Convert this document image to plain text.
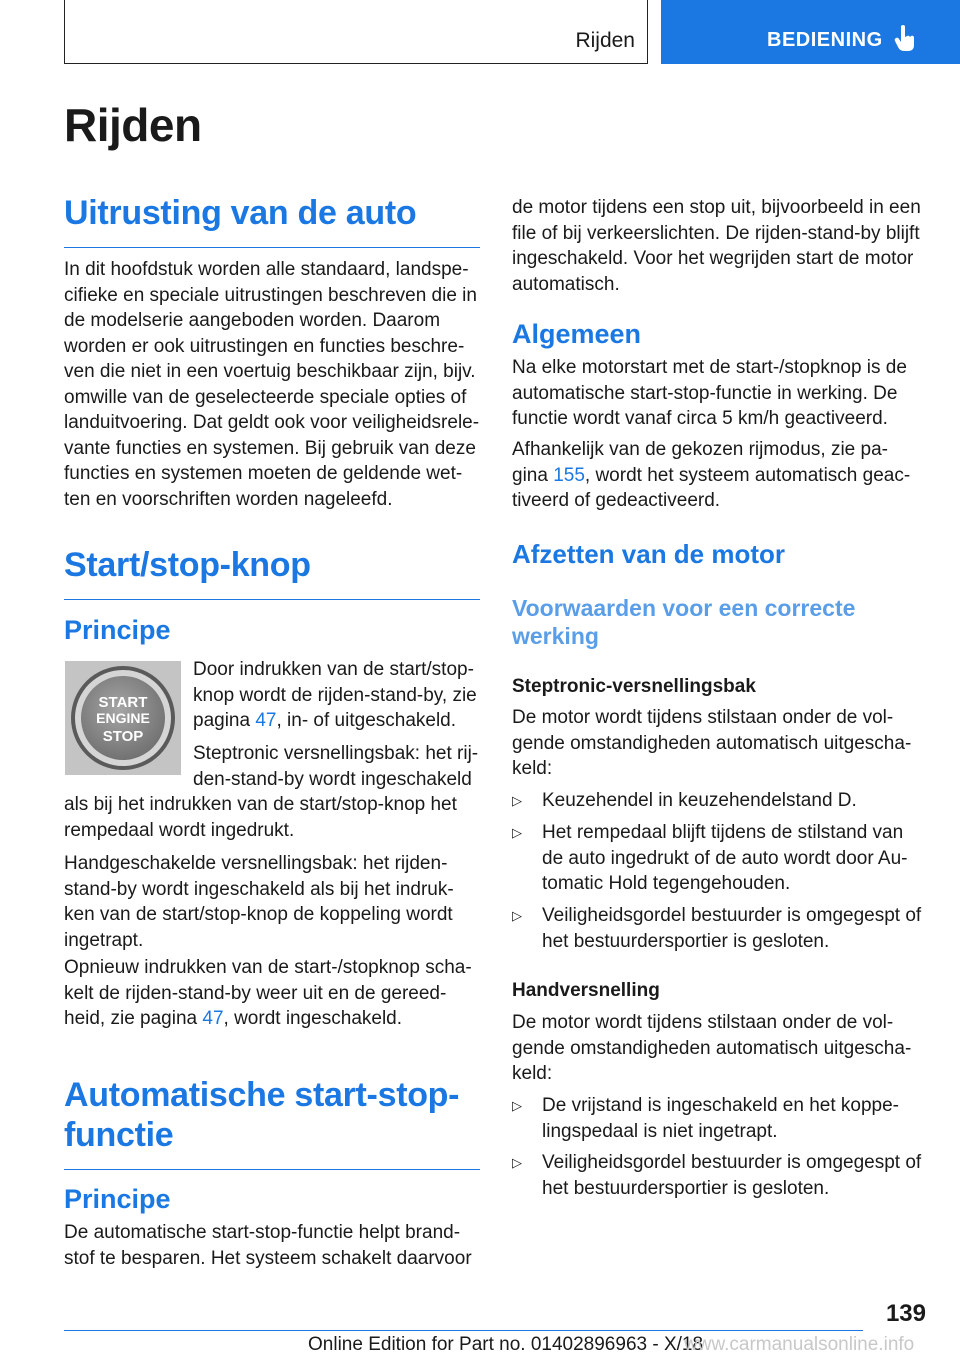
Rijden	BEDIENING
Rijden
Uitrusting van de auto
In dit hoofdstuk worden alle standaard, landspe-
cifieke en speciale uitrustingen beschreven die in
de modelserie aangeboden worden. Daarom
worden er ook uitrustingen en functies beschre-
ven die niet in een voertuig beschikbaar zijn, bijv.
omwille van de geselecteerde speciale opties of
landuitvoering. Dat geldt ook voor veiligheidsrele-
vante functies en systemen. Bij gebruik van deze
functies en systemen moeten de geldende wet-
ten en voorschriften worden nageleefd.
Start/stop-knop
Principe
START
ENGINE
STOP
Door indrukken van de start/stop-
knop wordt de rijden-stand-by, zie
pagina 47, in- of uitgeschakeld.
Steptronic versnellingsbak: het rij-
den-stand-by wordt ingeschakeld
als bij het indrukken van de start/stop-knop het
rempedaal wordt ingedrukt.
Handgeschakelde versnellingsbak: het rijden-
stand-by wordt ingeschakeld als bij het indruk-
ken van de start/stop-knop de koppeling wordt
ingetrapt.
Opnieuw indrukken van de start-/stopknop scha-
kelt de rijden-stand-by weer uit en de gereed-
heid, zie pagina 47, wordt ingeschakeld.
Automatische start-stop-
functie
Principe
De automatische start-stop-functie helpt brand-
stof te besparen. Het systeem schakelt daarvoor
de motor tijdens een stop uit, bijvoorbeeld in een
file of bij verkeerslichten. De rijden-stand-by blijft
ingeschakeld. Voor het wegrijden start de motor
automatisch.
Algemeen
Na elke motorstart met de start-/stopknop is de
automatische start-stop-functie in werking. De
functie wordt vanaf circa 5 km/h geactiveerd.
Afhankelijk van de gekozen rijmodus, zie pa-
gina 155, wordt het systeem automatisch geac-
tiveerd of gedeactiveerd.
Afzetten van de motor
Voorwaarden voor een correcte
werking
Steptronic-versnellingsbak
De motor wordt tijdens stilstaan onder de vol-
gende omstandigheden automatisch uitgescha-
keld:
▷ Keuzehendel in keuzehendelstand D.
▷ Het rempedaal blijft tijdens de stilstand van
de auto ingedrukt of de auto wordt door Au-
tomatic Hold tegengehouden.
▷ Veiligheidsgordel bestuurder is omgegespt of
het bestuurdersportier is gesloten.
Handversnelling
De motor wordt tijdens stilstaan onder de vol-
gende omstandigheden automatisch uitgescha-
keld:
▷ De vrijstand is ingeschakeld en het koppe-
lingspedaal is niet ingetrapt.
▷ Veiligheidsgordel bestuurder is omgegespt of
het bestuurdersportier is gesloten.
139
Online Edition for Part no. 01402896963 - X/18
www.carmanualsonline.info
